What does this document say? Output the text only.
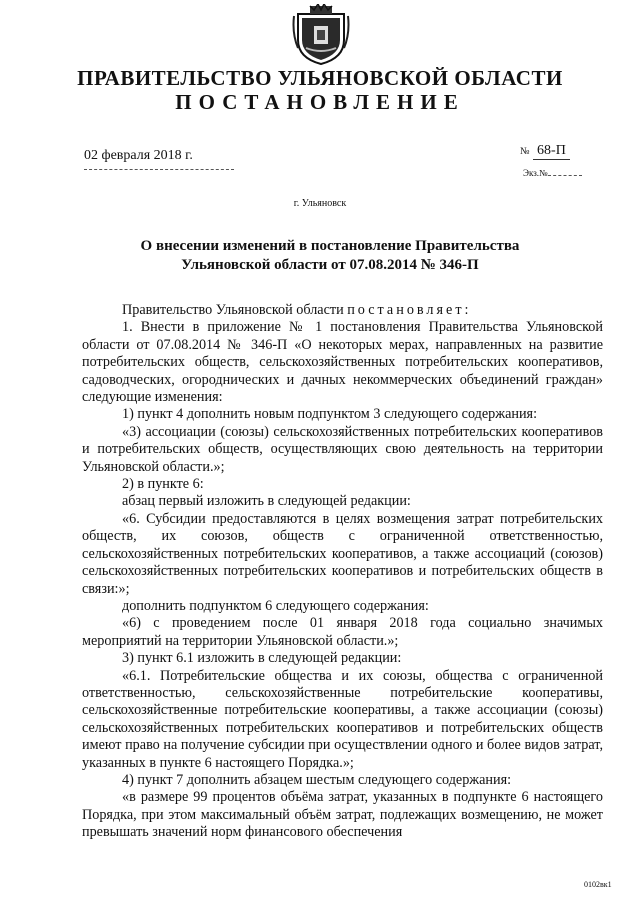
ПРАВИТЕЛЬСТВО УЛЬЯНОВСКОЙ ОБЛАСТИ
ПОСТАНОВЛЕНИЕ
02 февраля 2018 г.	№ 68-П
Экз.№
г. Ульяновск
О внесении изменений в постановление Правительства
Ульяновской области от 07.08.2014 № 346-П

Правительство Ульяновской области постановляет:

1. Внести в приложение № 1 постановления Правительства Ульяновской области от 07.08.2014 № 346-П «О некоторых мерах, направленных на развитие потребительских обществ, сельскохозяйственных потребительских кооперативов, садоводческих, огороднических и дачных некоммерческих объединений граждан» следующие изменения:

1) пункт 4 дополнить новым подпунктом 3 следующего содержания:

«3) ассоциации (союзы) сельскохозяйственных потребительских кооперативов и потребительских обществ, осуществляющих свою деятельность на территории Ульяновской области.»;

2) в пункте 6:

абзац первый изложить в следующей редакции:

«6. Субсидии предоставляются в целях возмещения затрат потребительских обществ, их союзов, обществ с ограниченной ответственностью, сельскохозяйственных потребительских кооперативов, а также ассоциаций (союзов) сельскохозяйственных потребительских кооперативов и потребительских обществ в связи:»;

дополнить подпунктом 6 следующего содержания:

«6) с проведением после 01 января 2018 года социально значимых мероприятий на территории Ульяновской области.»;

3) пункт 6.1 изложить в следующей редакции:

«6.1. Потребительские общества и их союзы, общества с ограниченной ответственностью, сельскохозяйственные потребительские кооперативы, сельскохозяйственные потребительские кооперативы, а также ассоциации (союзы) сельскохозяйственных потребительских кооперативов и потребительских обществ имеют право на получение субсидии при осуществлении одного и более видов затрат, указанных в пункте 6 настоящего Порядка.»;

4) пункт 7 дополнить абзацем шестым следующего содержания:

«в размере 99 процентов объёма затрат, указанных в подпункте 6 настоящего Порядка, при этом максимальный объём затрат, подлежащих возмещению, не может превышать значений норм финансового обеспечения

0102вк1
